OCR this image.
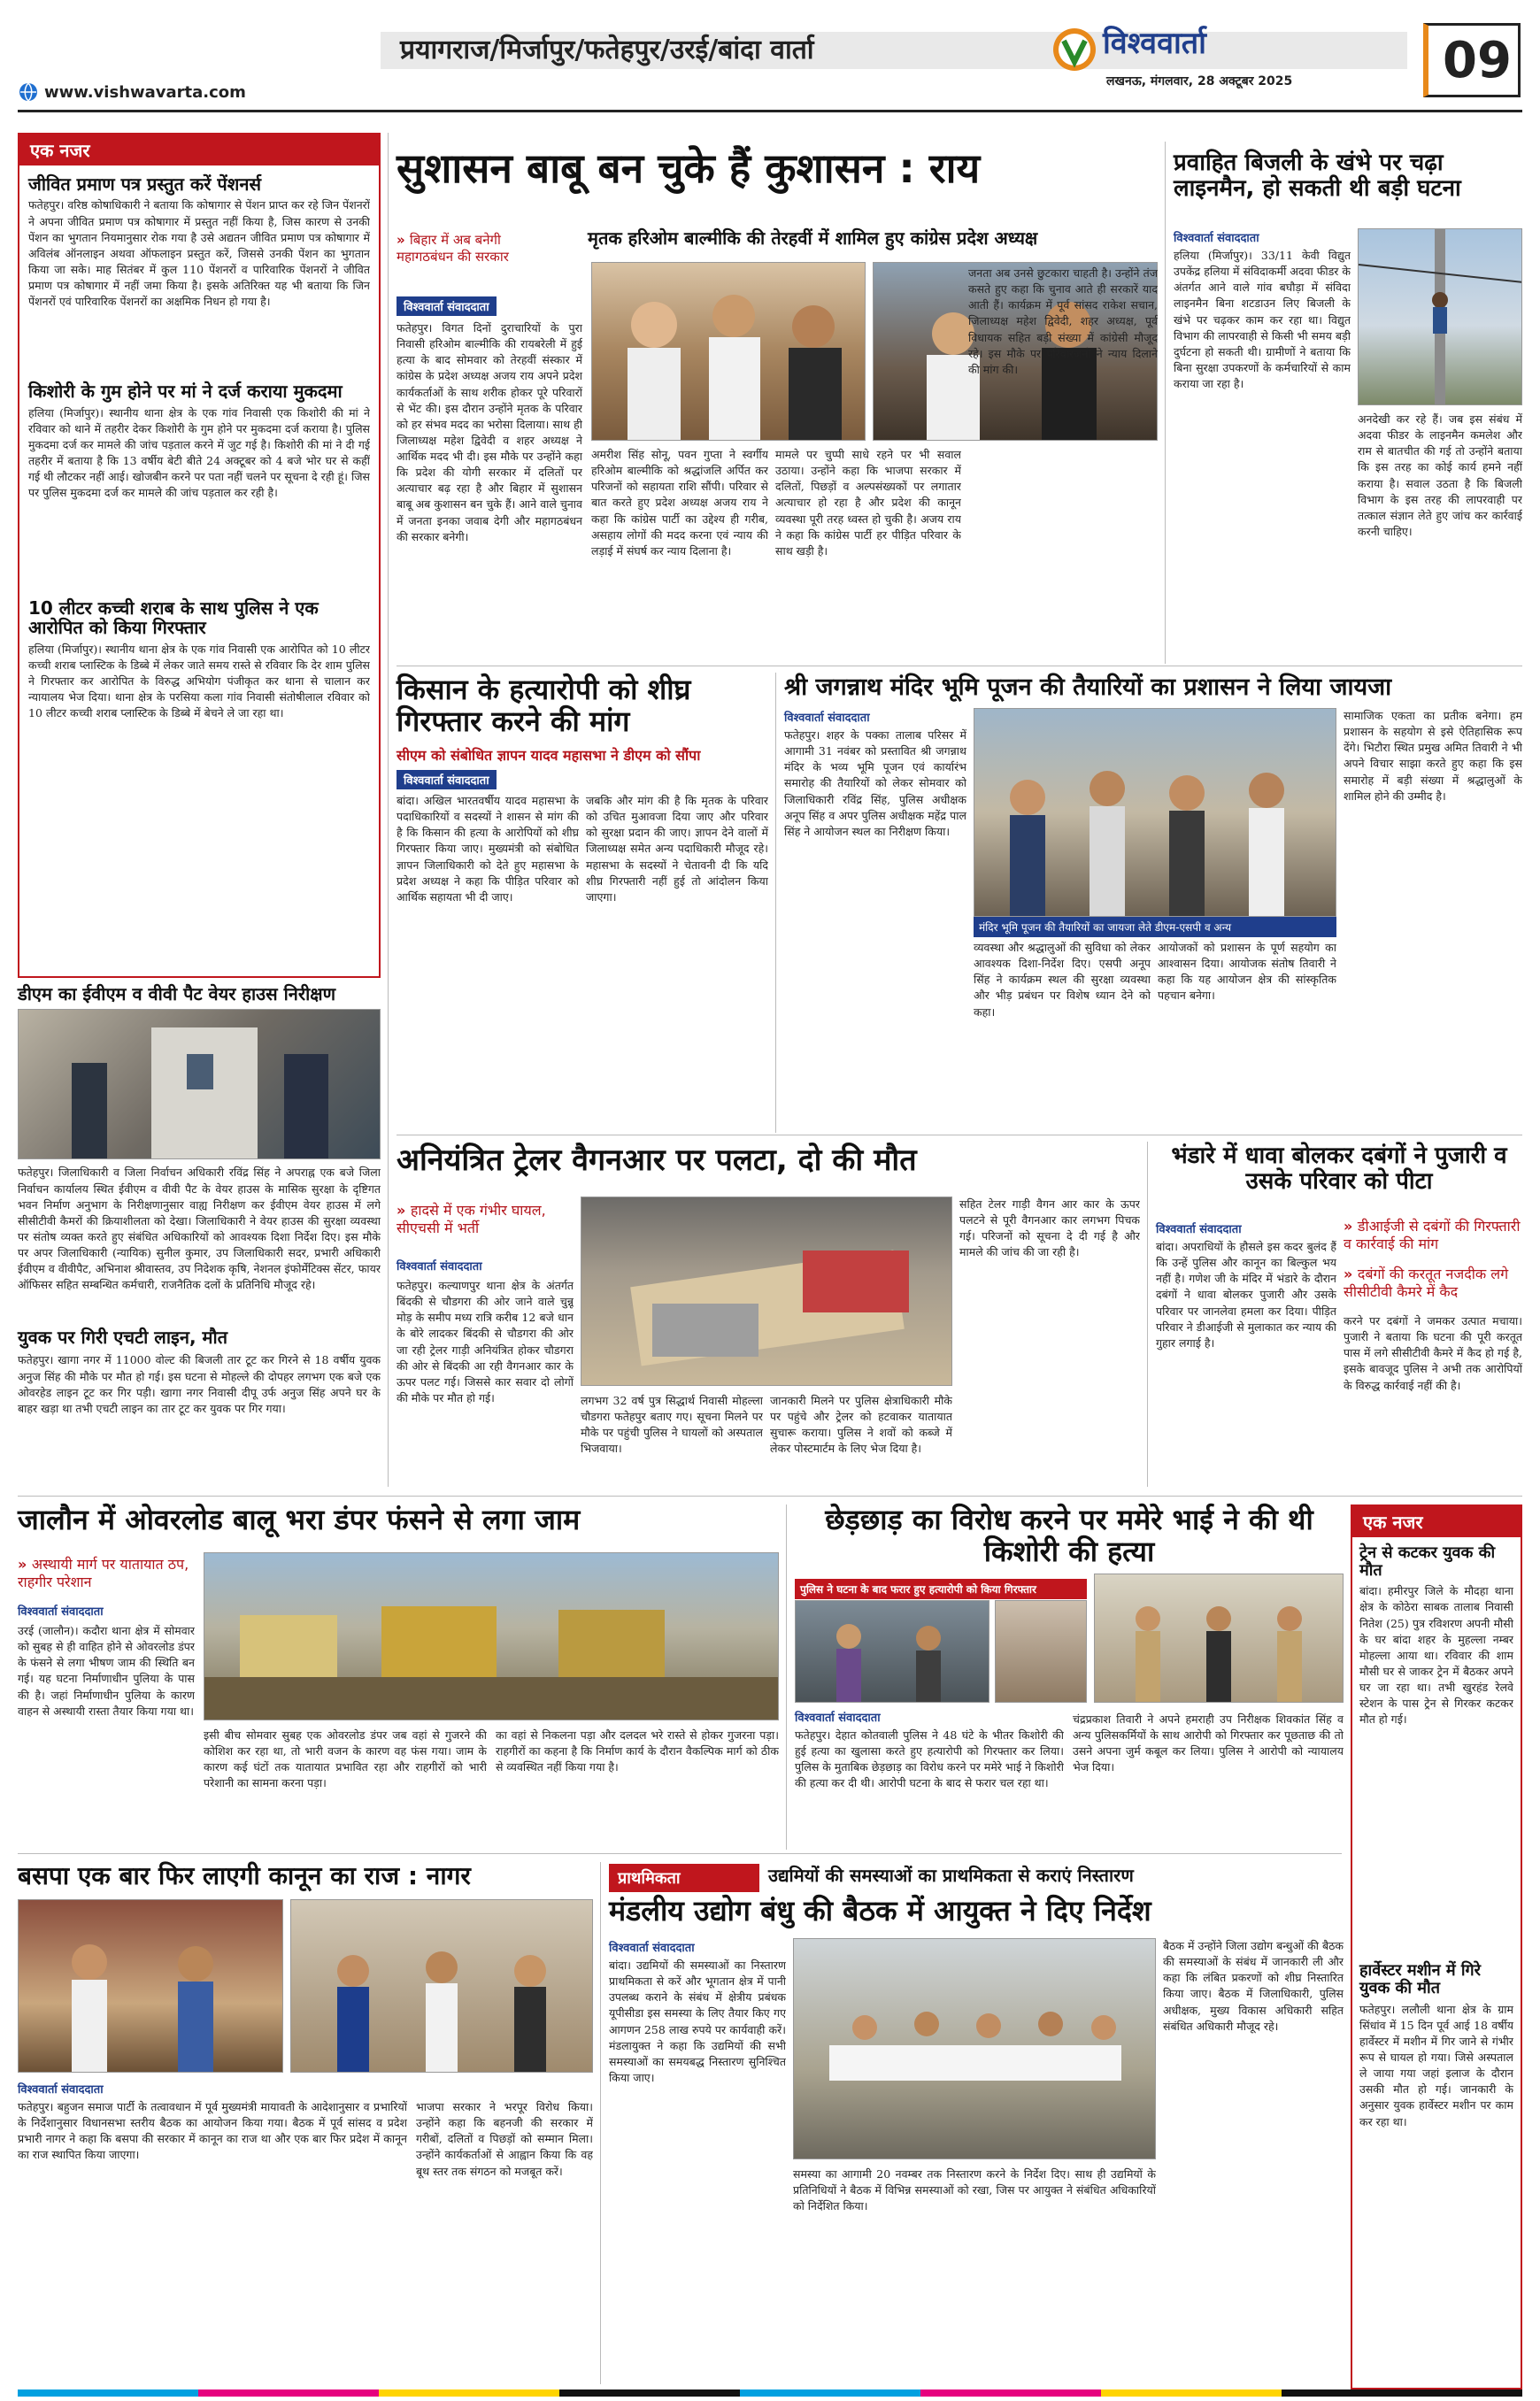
प्रयागराज/मिर्जापुर/फतेहपुर/उरई/बांदा वार्ता	विश्ववार्ता
लखनऊ, मंगलवार, 28 अक्टूबर 2025	09
www.vishwavarta.com
एक नजर
जीवित प्रमाण पत्र प्रस्तुत करें पेंशनर्स
फतेहपुर। वरिष्ठ कोषाधिकारी ने बताया कि कोषागार से पेंशन प्राप्त कर रहे जिन पेंशनरों ने अपना जीवित प्रमाण पत्र कोषागार में प्रस्तुत नहीं किया है, जिस कारण से उनकी पेंशन का भुगतान नियमानुसार रोक गया है उसे अद्यतन जीवित प्रमाण पत्र कोषागार में अविलंब ऑनलाइन अथवा ऑफलाइन प्रस्तुत करें, जिससे उनकी पेंशन का भुगतान किया जा सके। माह सितंबर में कुल 110 पेंशनरों व पारिवारिक पेंशनरों ने जीवित प्रमाण पत्र कोषागार में नहीं जमा किया है। इसके अतिरिक्त यह भी बताया कि जिन पेंशनरों एवं पारिवारिक पेंशनरों का अक्षमिक निधन हो गया है।
किशोरी के गुम होने पर मां ने दर्ज कराया मुकदमा
हलिया (मिर्जापुर)। स्थानीय थाना क्षेत्र के एक गांव निवासी एक किशोरी की मां ने रविवार को थाने में तहरीर देकर किशोरी के गुम होने पर मुकदमा दर्ज कराया है। पुलिस मुकदमा दर्ज कर मामले की जांच पड़ताल करने में जुट गई है। किशोरी की मां ने दी गई तहरीर में बताया है कि 13 वर्षीय बेटी बीते 24 अक्टूबर को 4 बजे भोर घर से कहीं गई थी लौटकर नहीं आई। खोजबीन करने पर पता नहीं चलने पर सूचना दे रही हूं। जिस पर पुलिस मुकदमा दर्ज कर मामले की जांच पड़ताल कर रही है।
10 लीटर कच्ची शराब के साथ पुलिस ने एक आरोपित को किया गिरफ्तार
हलिया (मिर्जापुर)। स्थानीय थाना क्षेत्र के एक गांव निवासी एक आरोपित को 10 लीटर कच्ची शराब प्लास्टिक के डिब्बे में लेकर जाते समय रास्ते से रविवार कि देर शाम पुलिस ने गिरफ्तार कर आरोपित के विरुद्ध अभियोग पंजीकृत कर थाना से चालान कर न्यायालय भेज दिया। थाना क्षेत्र के परसिया कला गांव निवासी संतोषीलाल रविवार को 10 लीटर कच्ची शराब प्लास्टिक के डिब्बे में बेचने ले जा रहा था।
डीएम का ईवीएम व वीवी पैट वेयर हाउस निरीक्षण
फतेहपुर। जिलाधिकारी व जिला निर्वाचन अधिकारी रविंद्र सिंह ने अपराह्न एक बजे जिला निर्वाचन कार्यालय स्थित ईवीएम व वीवी पैट के वेयर हाउस के मासिक सुरक्षा के दृष्टिगत भवन निर्माण अनुभाग के निरीक्षणानुसार वाह्य निरीक्षण कर ईवीएम वेयर हाउस में लगे सीसीटीवी कैमरों की क्रियाशीलता को देखा। जिलाधिकारी ने वेयर हाउस की सुरक्षा व्यवस्था पर संतोष व्यक्त करते हुए संबंधित अधिकारियों को आवश्यक दिशा निर्देश दिए। इस मौके पर अपर जिलाधिकारी (न्यायिक) सुनील कुमार, उप जिलाधिकारी सदर, प्रभारी अधिकारी ईवीएम व वीवीपैट, अभिनाश श्रीवास्तव, उप निदेशक कृषि, नेशनल इंफोर्मेटिक्स सेंटर, फायर ऑफिसर सहित सम्बन्धित कर्मचारी, राजनैतिक दलों के प्रतिनिधि मौजूद रहे।
युवक पर गिरी एचटी लाइन, मौत
फतेहपुर। खागा नगर में 11000 वोल्ट की बिजली तार टूट कर गिरने से 18 वर्षीय युवक अनुज सिंह की मौके पर मौत हो गई। इस घटना से मोहल्ले की दोपहर लगभग एक बजे एक ओवरहेड लाइन टूट कर गिर पड़ी। खागा नगर निवासी दीपू उर्फ अनुज सिंह अपने घर के बाहर खड़ा था तभी एचटी लाइन का तार टूट कर युवक पर गिर गया।
सुशासन बाबू बन चुके हैं कुशासन : राय
» बिहार में अब बनेगी महागठबंधन की सरकार
मृतक हरिओम बाल्मीकि की तेरहवीं में शामिल हुए कांग्रेस प्रदेश अध्यक्ष
विश्ववार्ता संवाददाता
फतेहपुर। विगत दिनों दुराचारियों के पुरा निवासी हरिओम बाल्मीकि की रायबरेली में हुई हत्या के बाद सोमवार को तेरहवीं संस्कार में कांग्रेस के प्रदेश अध्यक्ष अजय राय अपने प्रदेश कार्यकर्ताओं के साथ शरीक होकर पूरे परिवारों से भेंट की। इस दौरान उन्होंने मृतक के परिवार को हर संभव मदद का भरोसा दिलाया। साथ ही जिलाध्यक्ष महेश द्विवेदी व शहर अध्यक्ष ने आर्थिक मदद भी दी। इस मौके पर उन्होंने कहा कि प्रदेश की योगी सरकार में दलितों पर अत्याचार बढ़ रहा है और बिहार में सुशासन बाबू अब कुशासन बन चुके हैं। आने वाले चुनाव में जनता इनका जवाब देगी और महागठबंधन की सरकार बनेगी।
अमरीश सिंह सोनू, पवन गुप्ता ने स्वर्गीय हरिओम बाल्मीकि को श्रद्धांजलि अर्पित कर परिजनों को सहायता राशि सौंपी। परिवार से बात करते हुए प्रदेश अध्यक्ष अजय राय ने कहा कि कांग्रेस पार्टी का उद्देश्य ही गरीब, असहाय लोगों की मदद करना एवं न्याय की लड़ाई में संघर्ष कर न्याय दिलाना है।
मामले पर चुप्पी साधे रहने पर भी सवाल उठाया। उन्होंने कहा कि भाजपा सरकार में दलितों, पिछड़ों व अल्पसंख्यकों पर लगातार अत्याचार हो रहा है और प्रदेश की कानून व्यवस्था पूरी तरह ध्वस्त हो चुकी है। अजय राय ने कहा कि कांग्रेस पार्टी हर पीड़ित परिवार के साथ खड़ी है।
जनता अब उनसे छुटकारा चाहती है। उन्होंने तंज कसते हुए कहा कि चुनाव आते ही सरकारें याद आती हैं। कार्यक्रम में पूर्व सांसद राकेश सचान, जिलाध्यक्ष महेश द्विवेदी, शहर अध्यक्ष, पूर्व विधायक सहित बड़ी संख्या में कांग्रेसी मौजूद रहे। इस मौके पर परिवारजनों ने न्याय दिलाने की मांग की।
प्रवाहित बिजली के खंभे पर चढ़ा लाइनमैन, हो सकती थी बड़ी घटना
विश्ववार्ता संवाददाता
हलिया (मिर्जापुर)। 33/11 केवी विद्युत उपकेंद्र हलिया में संविदाकर्मी अदवा फीडर के अंतर्गत आने वाले गांव बघौड़ा में संविदा लाइनमैन बिना शटडाउन लिए बिजली के खंभे पर चढ़कर काम कर रहा था। विद्युत विभाग की लापरवाही से किसी भी समय बड़ी दुर्घटना हो सकती थी। ग्रामीणों ने बताया कि बिना सुरक्षा उपकरणों के कर्मचारियों से काम कराया जा रहा है।
अनदेखी कर रहे हैं। जब इस संबंध में अदवा फीडर के लाइनमैन कमलेश और राम से बातचीत की गई तो उन्होंने बताया कि इस तरह का कोई कार्य हमने नहीं कराया है। सवाल उठता है कि बिजली विभाग के इस तरह की लापरवाही पर तत्काल संज्ञान लेते हुए जांच कर कार्रवाई करनी चाहिए।
किसान के हत्यारोपी को शीघ्र गिरफ्तार करने की मांग
सीएम को संबोधित ज्ञापन यादव महासभा ने डीएम को सौंपा
विश्ववार्ता संवाददाता
बांदा। अखिल भारतवर्षीय यादव महासभा के पदाधिकारियों व सदस्यों ने शासन से मांग की है कि किसान की हत्या के आरोपियों को शीघ्र गिरफ्तार किया जाए। मुख्यमंत्री को संबोधित ज्ञापन जिलाधिकारी को देते हुए महासभा के प्रदेश अध्यक्ष ने कहा कि पीड़ित परिवार को आर्थिक सहायता भी दी जाए।
जबकि और मांग की है कि मृतक के परिवार को उचित मुआवजा दिया जाए और परिवार को सुरक्षा प्रदान की जाए। ज्ञापन देने वालों में जिलाध्यक्ष समेत अन्य पदाधिकारी मौजूद रहे। महासभा के सदस्यों ने चेतावनी दी कि यदि शीघ्र गिरफ्तारी नहीं हुई तो आंदोलन किया जाएगा।
श्री जगन्नाथ मंदिर भूमि पूजन की तैयारियों का प्रशासन ने लिया जायजा
विश्ववार्ता संवाददाता
फतेहपुर। शहर के पक्का तालाब परिसर में आगामी 31 नवंबर को प्रस्तावित श्री जगन्नाथ मंदिर के भव्य भूमि पूजन एवं कार्यारंभ समारोह की तैयारियों को लेकर सोमवार को जिलाधिकारी रविंद्र सिंह, पुलिस अधीक्षक अनूप सिंह व अपर पुलिस अधीक्षक महेंद्र पाल सिंह ने आयोजन स्थल का निरीक्षण किया।
मंदिर भूमि पूजन की तैयारियों का जायजा लेते डीएम-एसपी व अन्य
व्यवस्था और श्रद्धालुओं की सुविधा को लेकर आवश्यक दिशा-निर्देश दिए। एसपी अनूप सिंह ने कार्यक्रम स्थल की सुरक्षा व्यवस्था और भीड़ प्रबंधन पर विशेष ध्यान देने को कहा।
आयोजकों को प्रशासन के पूर्ण सहयोग का आश्वासन दिया। आयोजक संतोष तिवारी ने कहा कि यह आयोजन क्षेत्र की सांस्कृतिक पहचान बनेगा।
सामाजिक एकता का प्रतीक बनेगा। हम प्रशासन के सहयोग से इसे ऐतिहासिक रूप देंगे। भिटौरा स्थित प्रमुख अमित तिवारी ने भी अपने विचार साझा करते हुए कहा कि इस समारोह में बड़ी संख्या में श्रद्धालुओं के शामिल होने की उम्मीद है।
अनियंत्रित ट्रेलर वैगनआर पर पलटा, दो की मौत
» हादसे में एक गंभीर घायल, सीएचसी में भर्ती
विश्ववार्ता संवाददाता
फतेहपुर। कल्याणपुर थाना क्षेत्र के अंतर्गत बिंदकी से चौडगरा की ओर जाने वाले चुन्नू मोड़ के समीप मध्य रात्रि करीब 12 बजे धान के बोरे लादकर बिंदकी से चौडगरा की ओर जा रही ट्रेलर गाड़ी अनियंत्रित होकर चौडगरा की ओर से बिंदकी आ रही वैगनआर कार के ऊपर पलट गई। जिससे कार सवार दो लोगों की मौके पर मौत हो गई।	लगभग 32 वर्ष पुत्र सिद्धार्थ निवासी मोहल्ला चौडगरा फतेहपुर बताए गए। सूचना मिलने पर मौके पर पहुंची पुलिस ने घायलों को अस्पताल भिजवाया।
जानकारी मिलने पर पुलिस क्षेत्राधिकारी मौके पर पहुंचे और ट्रेलर को हटवाकर यातायात सुचारू कराया। पुलिस ने शवों को कब्जे में लेकर पोस्टमार्टम के लिए भेज दिया है।
सहित टेलर गाड़ी वैगन आर कार के ऊपर पलटने से पूरी वैगनआर कार लगभग पिचक गई। परिजनों को सूचना दे दी गई है और मामले की जांच की जा रही है।
भंडारे में धावा बोलकर दबंगों ने पुजारी व उसके परिवार को पीटा
विश्ववार्ता संवाददाता
»	डीआईजी से दबंगों की गिरफ्तारी व कार्रवाई की मांग
» दबंगों की करतूत नजदीक लगे सीसीटीवी कैमरे में कैद
बांदा। अपराधियों के हौसले इस कदर बुलंद हैं कि उन्हें पुलिस और कानून का बिल्कुल भय नहीं है। गणेश जी के मंदिर में भंडारे के दौरान दबंगों ने धावा बोलकर पुजारी और उसके परिवार पर जानलेवा हमला कर दिया। पीड़ित परिवार ने डीआईजी से मुलाकात कर न्याय की गुहार लगाई है।
करने पर दबंगों ने जमकर उत्पात मचाया। पुजारी ने बताया कि घटना की पूरी करतूत पास में लगे सीसीटीवी कैमरे में कैद हो गई है, इसके बावजूद पुलिस ने अभी तक आरोपियों के विरुद्ध कार्रवाई नहीं की है।
जालौन में ओवरलोड बालू भरा डंपर फंसने से लगा जाम
» अस्थायी मार्ग पर यातायात ठप, राहगीर परेशान
विश्ववार्ता संवाददाता
उरई (जालौन)। कदौरा थाना क्षेत्र में सोमवार को सुबह से ही वाहित होने से ओवरलोड डंपर के फंसने से लगा भीषण जाम की स्थिति बन गई। यह घटना निर्माणाधीन पुलिया के पास की है। जहां निर्माणाधीन पुलिया के कारण वाहन से अस्थायी रास्ता तैयार किया गया था।
इसी बीच सोमवार सुबह एक ओवरलोड डंपर जब वहां से गुजरने की कोशिश कर रहा था, तो भारी वजन के कारण वह फंस गया। जाम के कारण कई घंटों तक यातायात प्रभावित रहा और राहगीरों को भारी परेशानी का सामना करना पड़ा।
का वहां से निकलना पड़ा और दलदल भरे रास्ते से होकर गुजरना पड़ा। राहगीरों का कहना है कि निर्माण कार्य के दौरान वैकल्पिक मार्ग को ठीक से व्यवस्थित नहीं किया गया है।
छेड़छाड़ का विरोध करने पर ममेरे भाई ने की थी किशोरी की हत्या
पुलिस ने घटना के बाद फरार हुए हत्यारोपी को किया गिरफ्तार
विश्ववार्ता संवाददाता
फतेहपुर। देहात कोतवाली पुलिस ने 48 घंटे के भीतर किशोरी की हुई हत्या का खुलासा करते हुए हत्यारोपी को गिरफ्तार कर लिया। पुलिस के मुताबिक छेड़छाड़ का विरोध करने पर ममेरे भाई ने किशोरी की हत्या कर दी थी। आरोपी घटना के बाद से फरार चल रहा था।
चंद्रप्रकाश तिवारी ने अपने हमराही उप निरीक्षक शिवकांत सिंह व अन्य पुलिसकर्मियों के साथ आरोपी को गिरफ्तार कर पूछताछ की तो उसने अपना जुर्म कबूल कर लिया। पुलिस ने आरोपी को न्यायालय भेज दिया।
एक नजर
ट्रेन से कटकर युवक की मौत
बांदा। हमीरपुर जिले के मौदहा थाना क्षेत्र के कोठेरा साबक तालाब निवासी नितेश (25) पुत्र रविशरण अपनी मौसी के घर बांदा शहर के मुहल्ला नम्बर मोहल्ला आया था। रविवार की शाम मौसी घर से जाकर ट्रेन में बैठकर अपने घर जा रहा था। तभी खुरहंड रेलवे स्टेशन के पास ट्रेन से गिरकर कटकर मौत हो गई।
हार्वेस्टर मशीन में गिरे युवक की मौत
फतेहपुर। ललौली थाना क्षेत्र के ग्राम सिंधांव में 15 दिन पूर्व आई 18 वर्षीय हार्वेस्टर में मशीन में गिर जाने से गंभीर रूप से घायल हो गया। जिसे अस्पताल ले जाया गया जहां इलाज के दौरान उसकी मौत हो गई। जानकारी के अनुसार युवक हार्वेस्टर मशीन पर काम कर रहा था।
बसपा एक बार फिर लाएगी कानून का राज : नागर
विश्ववार्ता संवाददाता
फतेहपुर। बहुजन समाज पार्टी के तत्वावधान में पूर्व मुख्यमंत्री मायावती के आदेशानुसार व प्रभारियों के निर्देशानुसार विधानसभा स्तरीय बैठक का आयोजन किया गया। बैठक में पूर्व सांसद व प्रदेश प्रभारी नागर ने कहा कि बसपा की सरकार में कानून का राज था और एक बार फिर प्रदेश में कानून का राज स्थापित किया जाएगा।
भाजपा सरकार ने भरपूर विरोध किया। उन्होंने कहा कि बहनजी की सरकार में गरीबों, दलितों व पिछड़ों को सम्मान मिला। उन्होंने कार्यकर्ताओं से आह्वान किया कि वह बूथ स्तर तक संगठन को मजबूत करें।
प्राथमिकता	उद्यमियों की समस्याओं का प्राथमिकता से कराएं निस्तारण
मंडलीय उद्योग बंधु की बैठक में आयुक्त ने दिए निर्देश
विश्ववार्ता संवाददाता
बांदा। उद्यमियों की समस्याओं का निस्तारण प्राथमिकता से करें और भूगतान क्षेत्र में पानी उपलब्ध कराने के संबंध में क्षेत्रीय प्रबंधक यूपीसीडा इस समस्या के लिए तैयार किए गए आगणन 258 लाख रुपये पर कार्यवाही करें। मंडलायुक्त ने कहा कि उद्यमियों की सभी समस्याओं का समयबद्ध निस्तारण सुनिश्चित किया जाए।
समस्या का आगामी 20 नवम्बर तक निस्तारण करने के निर्देश दिए। साथ ही उद्यमियों के प्रतिनिधियों ने बैठक में विभिन्न समस्याओं को रखा, जिस पर आयुक्त ने संबंधित अधिकारियों को निर्देशित किया।
बैठक में उन्होंने जिला उद्योग बन्धुओं की बैठक की समस्याओं के संबंध में जानकारी ली और कहा कि लंबित प्रकरणों को शीघ्र निस्तारित किया जाए। बैठक में जिलाधिकारी, पुलिस अधीक्षक, मुख्य विकास अधिकारी सहित संबंधित अधिकारी मौजूद रहे।
